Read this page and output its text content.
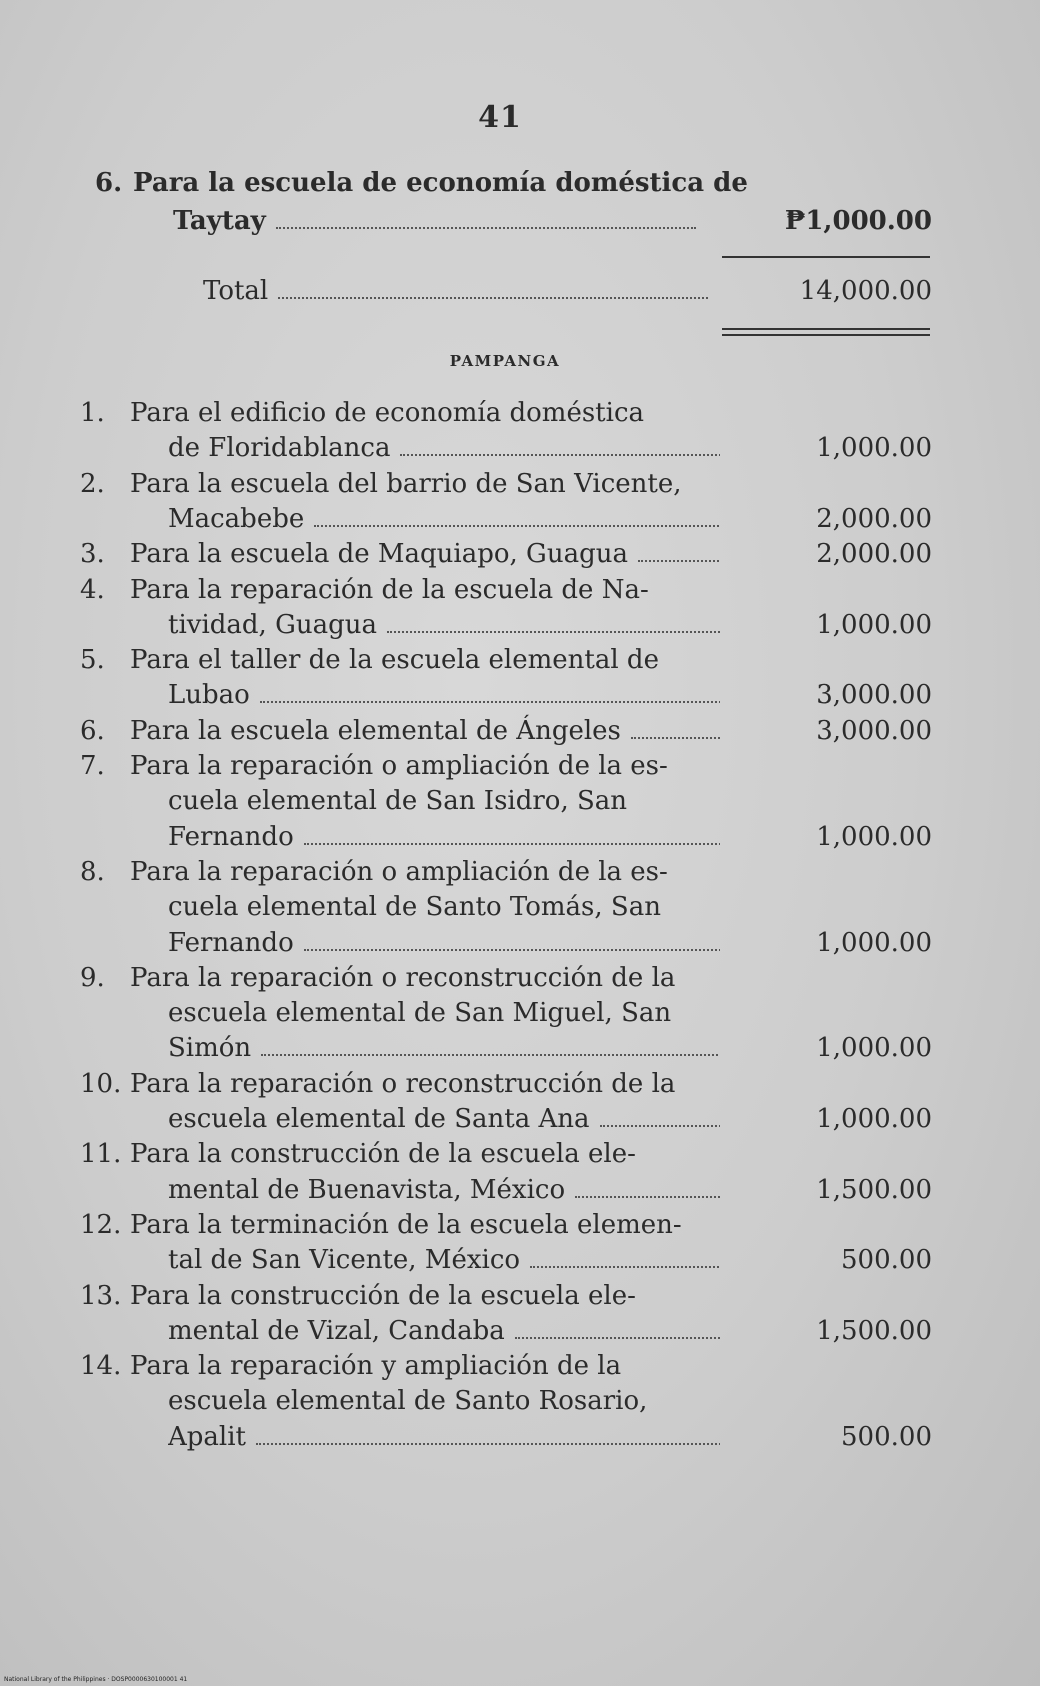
41
6. Para la escuela de economía doméstica de
Taytay	₱1,000.00
Total	14,000.00
PAMPANGA
1. Para el edificio de economía doméstica
de Floridablanca	1,000.00
2. Para la escuela del barrio de San Vicente,
Macabebe	2,000.00
3. Para la escuela de Maquiapo, Guagua	2,000.00
4. Para la reparación de la escuela de Na-
tividad, Guagua	1,000.00
5. Para el taller de la escuela elemental de
Lubao	3,000.00
6. Para la escuela elemental de Ángeles	3,000.00
7. Para la reparación o ampliación de la es-
cuela elemental de San Isidro, San
Fernando	1,000.00
8. Para la reparación o ampliación de la es-
cuela elemental de Santo Tomás, San
Fernando	1,000.00
9. Para la reparación o reconstrucción de la
escuela elemental de San Miguel, San
Simón	1,000.00
10. Para la reparación o reconstrucción de la
escuela elemental de Santa Ana	1,000.00
11. Para la construcción de la escuela ele-
mental de Buenavista, México	1,500.00
12. Para la terminación de la escuela elemen-
tal de San Vicente, México	500.00
13. Para la construcción de la escuela ele-
mental de Vizal, Candaba	1,500.00
14. Para la reparación y ampliación de la
escuela elemental de Santo Rosario,
Apalit	500.00
National Library of the Philippines · DOSP0000630100001 41
